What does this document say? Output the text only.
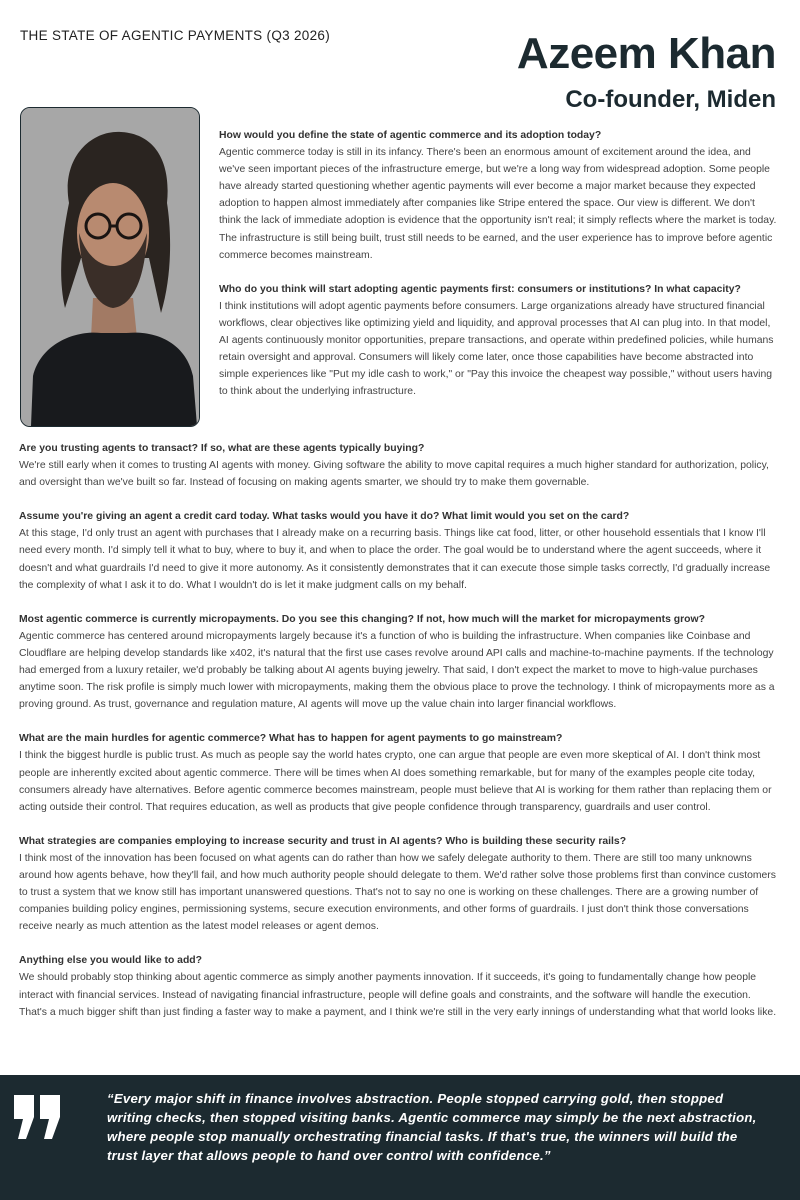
THE STATE OF AGENTIC PAYMENTS (Q3 2026)	Azeem Khan
Co-founder, Miden
How would you define the state of agentic commerce and its adoption today?
Agentic commerce today is still in its infancy. There's been an enormous amount of excitement around the idea, and we've seen important pieces of the infrastructure emerge, but we're a long way from widespread adoption. Some people have already started questioning whether agentic payments will ever become a major market because they expected adoption to happen almost immediately after companies like Stripe entered the space. Our view is different. We don't think the lack of immediate adoption is evidence that the opportunity isn't real; it simply reflects where the market is today. The infrastructure is still being built, trust still needs to be earned, and the user experience has to improve before agentic commerce becomes mainstream.
Who do you think will start adopting agentic payments first: consumers or institutions? In what capacity?
I think institutions will adopt agentic payments before consumers. Large organizations already have structured financial workflows, clear objectives like optimizing yield and liquidity, and approval processes that AI can plug into. In that model, AI agents continuously monitor opportunities, prepare transactions, and operate within predefined policies, while humans retain oversight and approval. Consumers will likely come later, once those capabilities have become abstracted into simple experiences like "Put my idle cash to work," or "Pay this invoice the cheapest way possible," without users having to think about the underlying infrastructure.
Are you trusting agents to transact? If so, what are these agents typically buying?
We're still early when it comes to trusting AI agents with money. Giving software the ability to move capital requires a much higher standard for authorization, policy, and oversight than we've built so far. Instead of focusing on making agents smarter, we should try to make them governable.
Assume you're giving an agent a credit card today. What tasks would you have it do? What limit would you set on the card?
At this stage, I'd only trust an agent with purchases that I already make on a recurring basis. Things like cat food, litter, or other household essentials that I know I'll need every month. I'd simply tell it what to buy, where to buy it, and when to place the order. The goal would be to understand where the agent succeeds, where it doesn't and what guardrails I'd need to give it more autonomy. As it consistently demonstrates that it can execute those simple tasks correctly, I'd gradually increase the complexity of what I ask it to do. What I wouldn't do is let it make judgment calls on my behalf.
Most agentic commerce is currently micropayments. Do you see this changing? If not, how much will the market for micropayments grow?
Agentic commerce has centered around micropayments largely because it's a function of who is building the infrastructure. When companies like Coinbase and Cloudflare are helping develop standards like x402, it's natural that the first use cases revolve around API calls and machine-to-machine payments. If the technology had emerged from a luxury retailer, we'd probably be talking about AI agents buying jewelry. That said, I don't expect the market to move to high-value purchases anytime soon. The risk profile is simply much lower with micropayments, making them the obvious place to prove the technology. I think of micropayments more as a proving ground. As trust, governance and regulation mature, AI agents will move up the value chain into larger financial workflows.
What are the main hurdles for agentic commerce? What has to happen for agent payments to go mainstream?
I think the biggest hurdle is public trust. As much as people say the world hates crypto, one can argue that people are even more skeptical of AI. I don't think most people are inherently excited about agentic commerce. There will be times when AI does something remarkable, but for many of the examples people cite today, consumers already have alternatives. Before agentic commerce becomes mainstream, people must believe that AI is working for them rather than replacing them or acting outside their control. That requires education, as well as products that give people confidence through transparency, guardrails and user control.
What strategies are companies employing to increase security and trust in AI agents? Who is building these security rails?
I think most of the innovation has been focused on what agents can do rather than how we safely delegate authority to them. There are still too many unknowns around how agents behave, how they'll fail, and how much authority people should delegate to them. We'd rather solve those problems first than convince customers to trust a system that we know still has important unanswered questions. That's not to say no one is working on these challenges. There are a growing number of companies building policy engines, permissioning systems, secure execution environments, and other forms of guardrails. I just don't think those conversations receive nearly as much attention as the latest model releases or agent demos.
Anything else you would like to add?
We should probably stop thinking about agentic commerce as simply another payments innovation. If it succeeds, it's going to fundamentally change how people interact with financial services. Instead of navigating financial infrastructure, people will define goals and constraints, and the software will handle the execution. That's a much bigger shift than just finding a faster way to make a payment, and I think we're still in the very early innings of understanding what that world looks like.
“Every major shift in finance involves abstraction. People stopped carrying gold, then stopped writing checks, then stopped visiting banks. Agentic commerce may simply be the next abstraction, where people stop manually orchestrating financial tasks. If that's true, the winners will build the trust layer that allows people to hand over control with confidence.”
